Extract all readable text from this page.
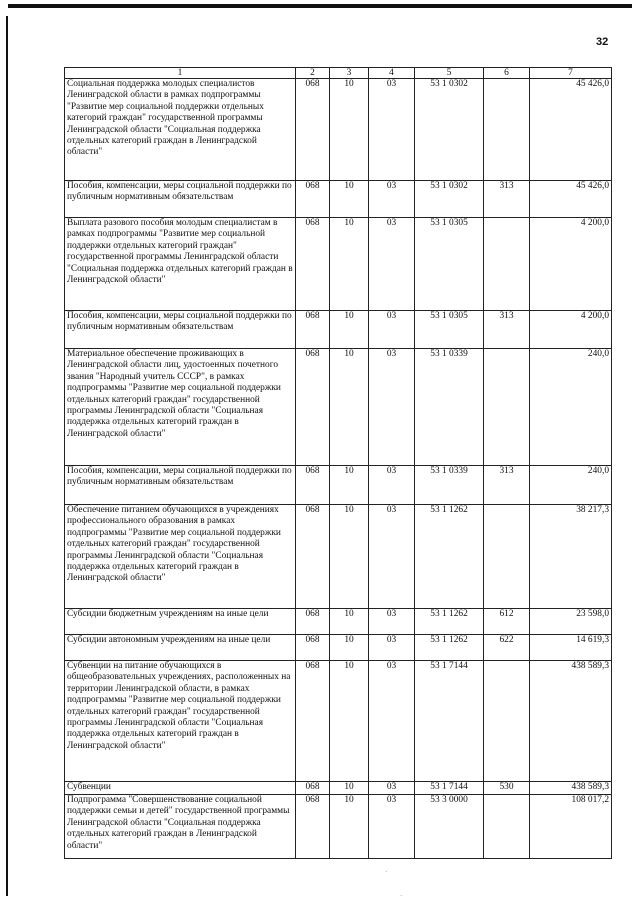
32
1	2	3	4	5	6	7
Социальная поддержка молодых специалистов Ленинградской области в рамках подпрограммы "Развитие мер социальной поддержки отдельных категорий граждан" государственной программы Ленинградской области "Социальная поддержка отдельных категорий граждан в Ленинградской области"	068	10	03	53 1 0302		45 426,0
Пособия, компенсации, меры социальной поддержки по публичным нормативным обязательствам	068	10	03	53 1 0302	313	45 426,0
Выплата разового пособия молодым специалистам в рамках подпрограммы "Развитие мер социальной поддержки отдельных категорий граждан" государственной программы Ленинградской области "Социальная поддержка отдельных категорий граждан в Ленинградской области"	068	10	03	53 1 0305		4 200,0
Пособия, компенсации, меры социальной поддержки по публичным нормативным обязательствам	068	10	03	53 1 0305	313	4 200,0
Материальное обеспечение проживающих в Ленинградской области лиц, удостоенных почетного звания "Народный учитель СССР", в рамках подпрограммы "Развитие мер социальной поддержки отдельных категорий граждан" государственной программы Ленинградской области "Социальная поддержка отдельных категорий граждан в Ленинградской области"	068	10	03	53 1 0339		240,0
Пособия, компенсации, меры социальной поддержки по публичным нормативным обязательствам	068	10	03	53 1 0339	313	240,0
Обеспечение питанием обучающихся в учреждениях профессионального образования в рамках подпрограммы "Развитие мер социальной поддержки отдельных категорий граждан" государственной программы Ленинградской области "Социальная поддержка отдельных категорий граждан в Ленинградской области"	068	10	03	53 1 1262		38 217,3
Субсидии бюджетным учреждениям на иные цели	068	10	03	53 1 1262	612	23 598,0
Субсидии автономным учреждениям на иные цели	068	10	03	53 1 1262	622	14 619,3
Субвенции на питание обучающихся в общеобразовательных учреждениях, расположенных на территории Ленинградской области, в рамках подпрограммы "Развитие мер социальной поддержки отдельных категорий граждан" государственной программы Ленинградской области "Социальная поддержка отдельных категорий граждан в Ленинградской области"	068	10	03	53 1 7144		438 589,3
Субвенции	068	10	03	53 1 7144	530	438 589,3
Подпрограмма "Совершенствование социальной поддержки семьи и детей" государственной программы Ленинградской области "Социальная поддержка отдельных категорий граждан в Ленинградской области"	068	10	03	53 3 0000		108 017,2
·
·
